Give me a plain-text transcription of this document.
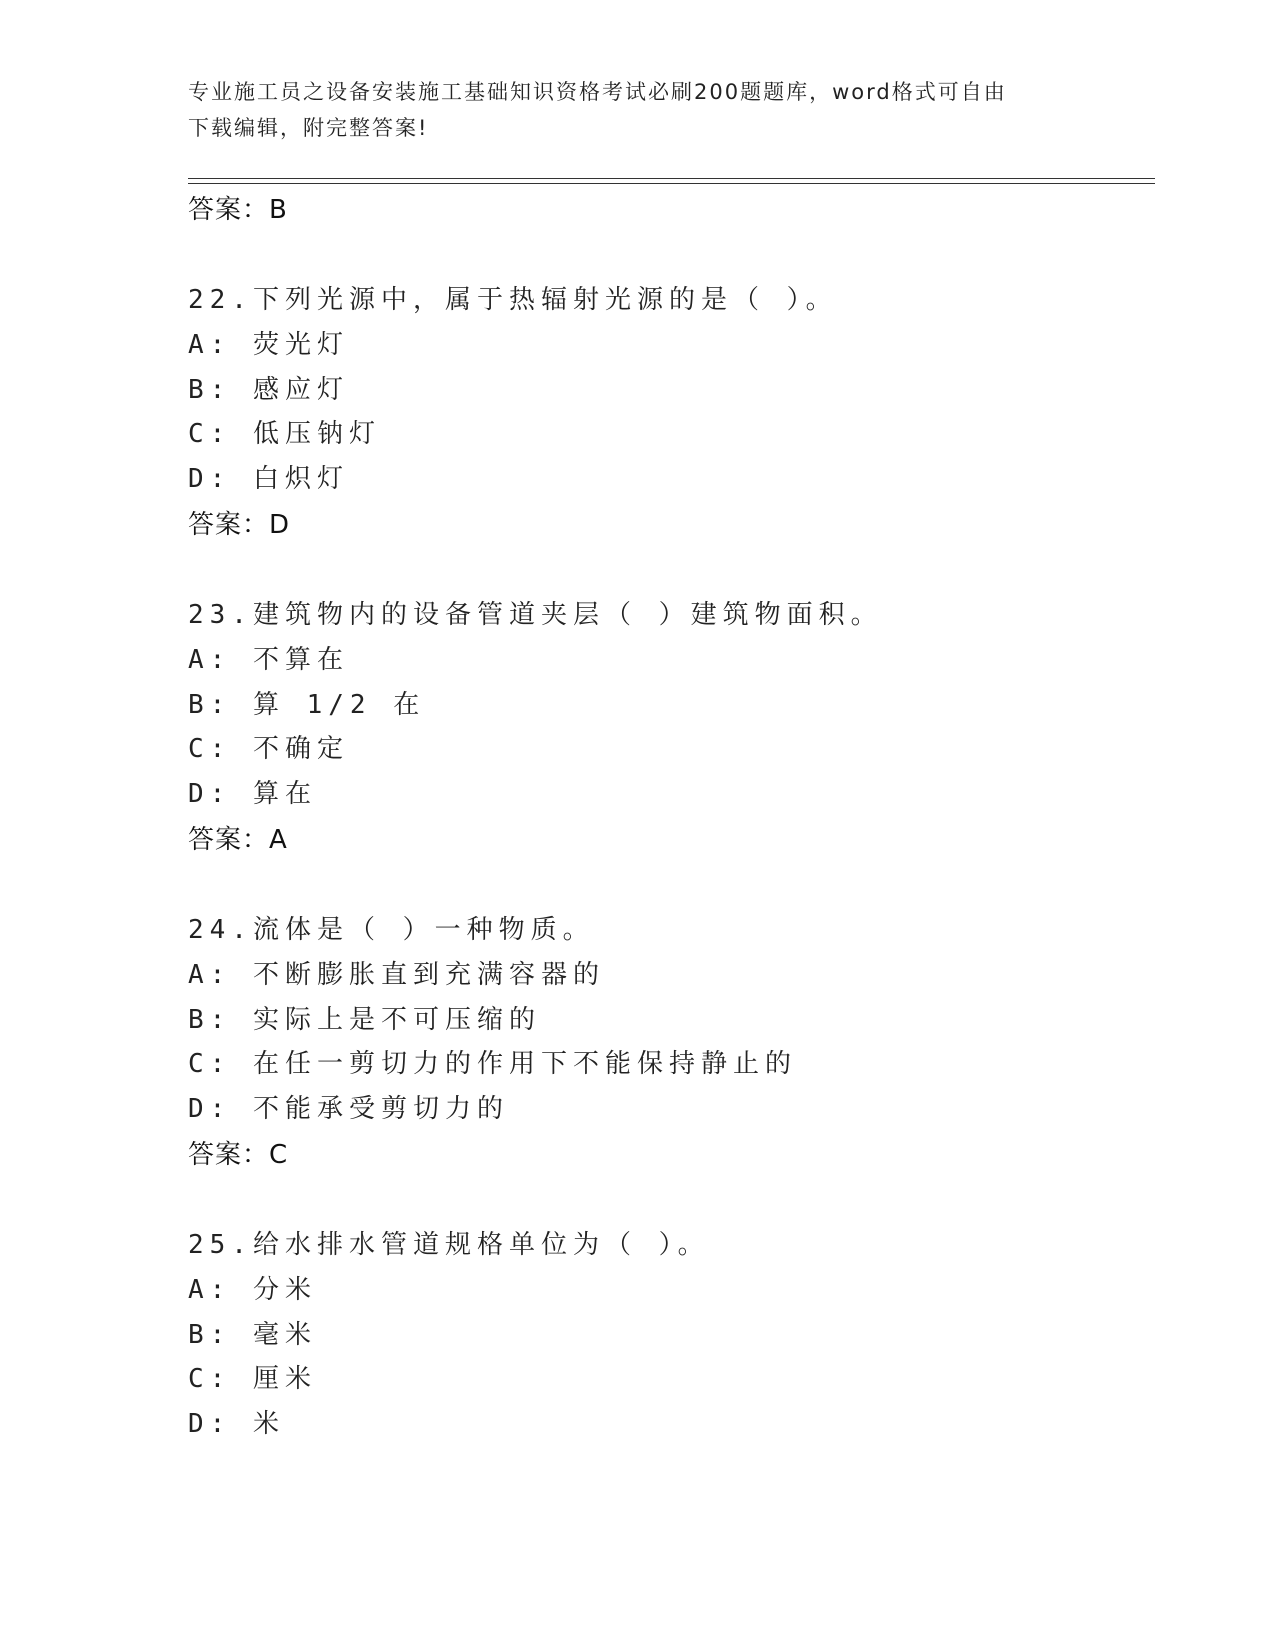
专业施工员之设备安装施工基础知识资格考试必刷200题题库，word格式可自由
下载编辑，附完整答案!
答案：B
22.下列光源中，属于热辐射光源的是（ ）。
A: 荧光灯
B: 感应灯
C: 低压钠灯
D: 白炽灯
答案：D
23.建筑物内的设备管道夹层（ ）建筑物面积。
A: 不算在
B: 算 1/2 在
C: 不确定
D: 算在
答案：A
24.流体是（ ）一种物质。
A: 不断膨胀直到充满容器的
B: 实际上是不可压缩的
C: 在任一剪切力的作用下不能保持静止的
D: 不能承受剪切力的
答案：C
25.给水排水管道规格单位为（ ）。
A: 分米
B: 毫米
C: 厘米
D: 米
